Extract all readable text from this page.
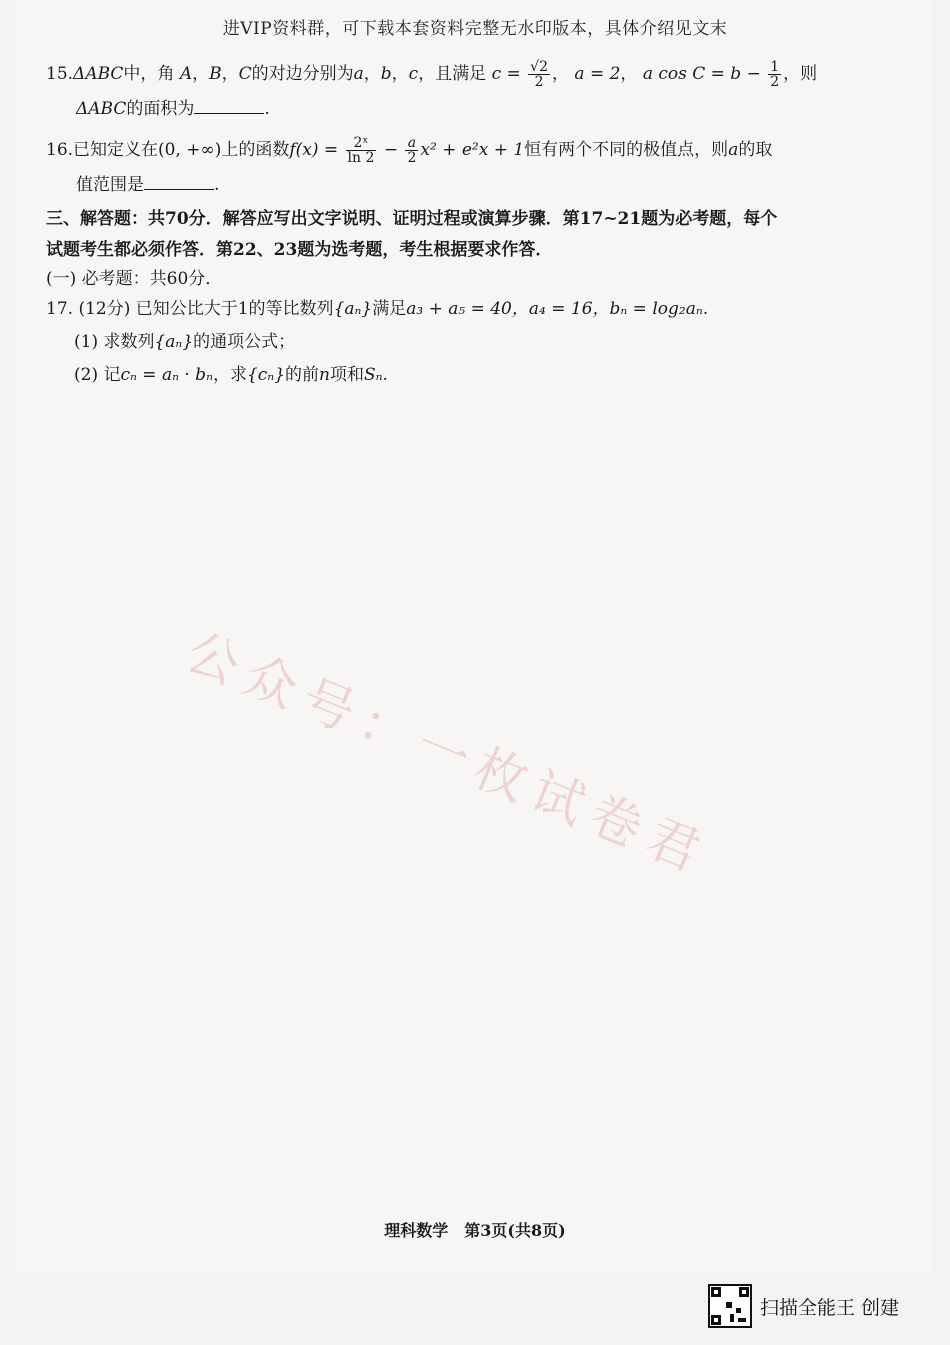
进VIP资料群，可下载本套资料完整无水印版本，具体介绍见文末
15.ΔABC中，角 A，B，C的对边分别为a，b，c，且满足 $c = \frac{√2}{2}$ ， a = 2， a $\cos C = b - \frac{1}{2}$ ，则
ΔABC的面积为	.
16.已知定义在(0, +∞)上的函数$f(x) = \frac{\text{2ˣ}}{\ln 2} - \frac{a}{2} x^2 + e^2x + 1$恒有两个不同的极值点，则a的取
值范围是	.
三、解答题：共70分．解答应写出文字说明、证明过程或演算步骤．第17~21题为必考题，每个
试题考生都必须作答．第22、23题为选考题，考生根据要求作答．
(一) 必考题：共60分．
17. (12分) 已知公比大于1的等比数列{aₙ}满足a₃ + a₅ = 40，a₄ = 16，bₙ = log₂aₙ.
(1) 求数列{aₙ}的通项公式；
(2) 记cₙ = aₙ · bₙ，求{cₙ}的前n项和Sₙ.
公众号：一枚试卷君
理科数学　第3页(共8页)
扫描全能王 创建
